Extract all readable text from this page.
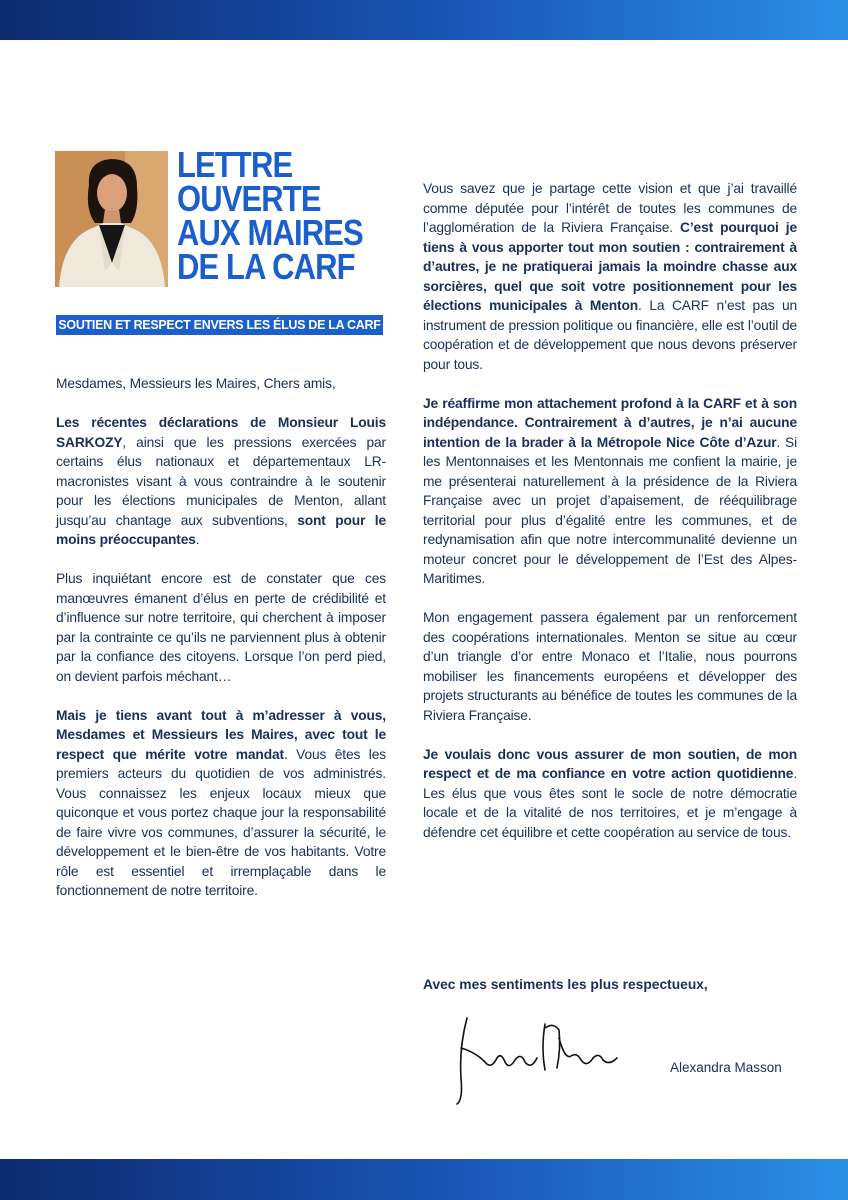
LETTRE
OUVERTE
AUX MAIRES
DE LA CARF
SOUTIEN ET RESPECT ENVERS LES ÉLUS DE LA CARF

Mesdames, Messieurs les Maires, Chers amis,

Les récentes déclarations de Monsieur Louis SARKOZY, ainsi que les pressions exercées par certains élus nationaux et départementaux LR-macronistes visant à vous contraindre à le soutenir pour les élections municipales de Menton, allant jusqu’au chantage aux subventions, sont pour le moins préoccupantes.

Plus inquiétant encore est de constater que ces manœuvres émanent d’élus en perte de crédibilité et d’influence sur notre territoire, qui cherchent à imposer par la contrainte ce qu’ils ne parviennent plus à obtenir par la confiance des citoyens. Lorsque l’on perd pied, on devient parfois méchant…

Mais je tiens avant tout à m’adresser à vous, Mesdames et Messieurs les Maires, avec tout le respect que mérite votre mandat. Vous êtes les premiers acteurs du quotidien de vos administrés. Vous connaissez les enjeux locaux mieux que quiconque et vous portez chaque jour la responsabilité de faire vivre vos communes, d’assurer la sécurité, le développement et le bien-être de vos habitants. Votre rôle est essentiel et irremplaçable dans le fonctionnement de notre territoire.

Vous savez que je partage cette vision et que j’ai travaillé comme députée pour l’intérêt de toutes les communes de l’agglomération de la Riviera Française. C’est pourquoi je tiens à vous apporter tout mon soutien : contrairement à d’autres, je ne pratiquerai jamais la moindre chasse aux sorcières, quel que soit votre positionnement pour les élections municipales à Menton. La CARF n’est pas un instrument de pression politique ou financière, elle est l’outil de coopération et de développement que nous devons préserver pour tous.

Je réaffirme mon attachement profond à la CARF et à son indépendance. Contrairement à d’autres, je n’ai aucune intention de la brader à la Métropole Nice Côte d’Azur. Si les Mentonnaises et les Mentonnais me confient la mairie, je me présenterai naturellement à la présidence de la Riviera Française avec un projet d’apaisement, de rééquilibrage territorial pour plus d’égalité entre les communes, et de redynamisation afin que notre intercommunalité devienne un moteur concret pour le développement de l’Est des Alpes-Maritimes.

Mon engagement passera également par un renforcement des coopérations internationales. Menton se situe au cœur d’un triangle d’or entre Monaco et l’Italie, nous pourrons mobiliser les financements européens et développer des projets structurants au bénéfice de toutes les communes de la Riviera Française.

Je voulais donc vous assurer de mon soutien, de mon respect et de ma confiance en votre action quotidienne. Les élus que vous êtes sont le socle de notre démocratie locale et de la vitalité de nos territoires, et je m’engage à défendre cet équilibre et cette coopération au service de tous.

Avec mes sentiments les plus respectueux,
Alexandra Masson
